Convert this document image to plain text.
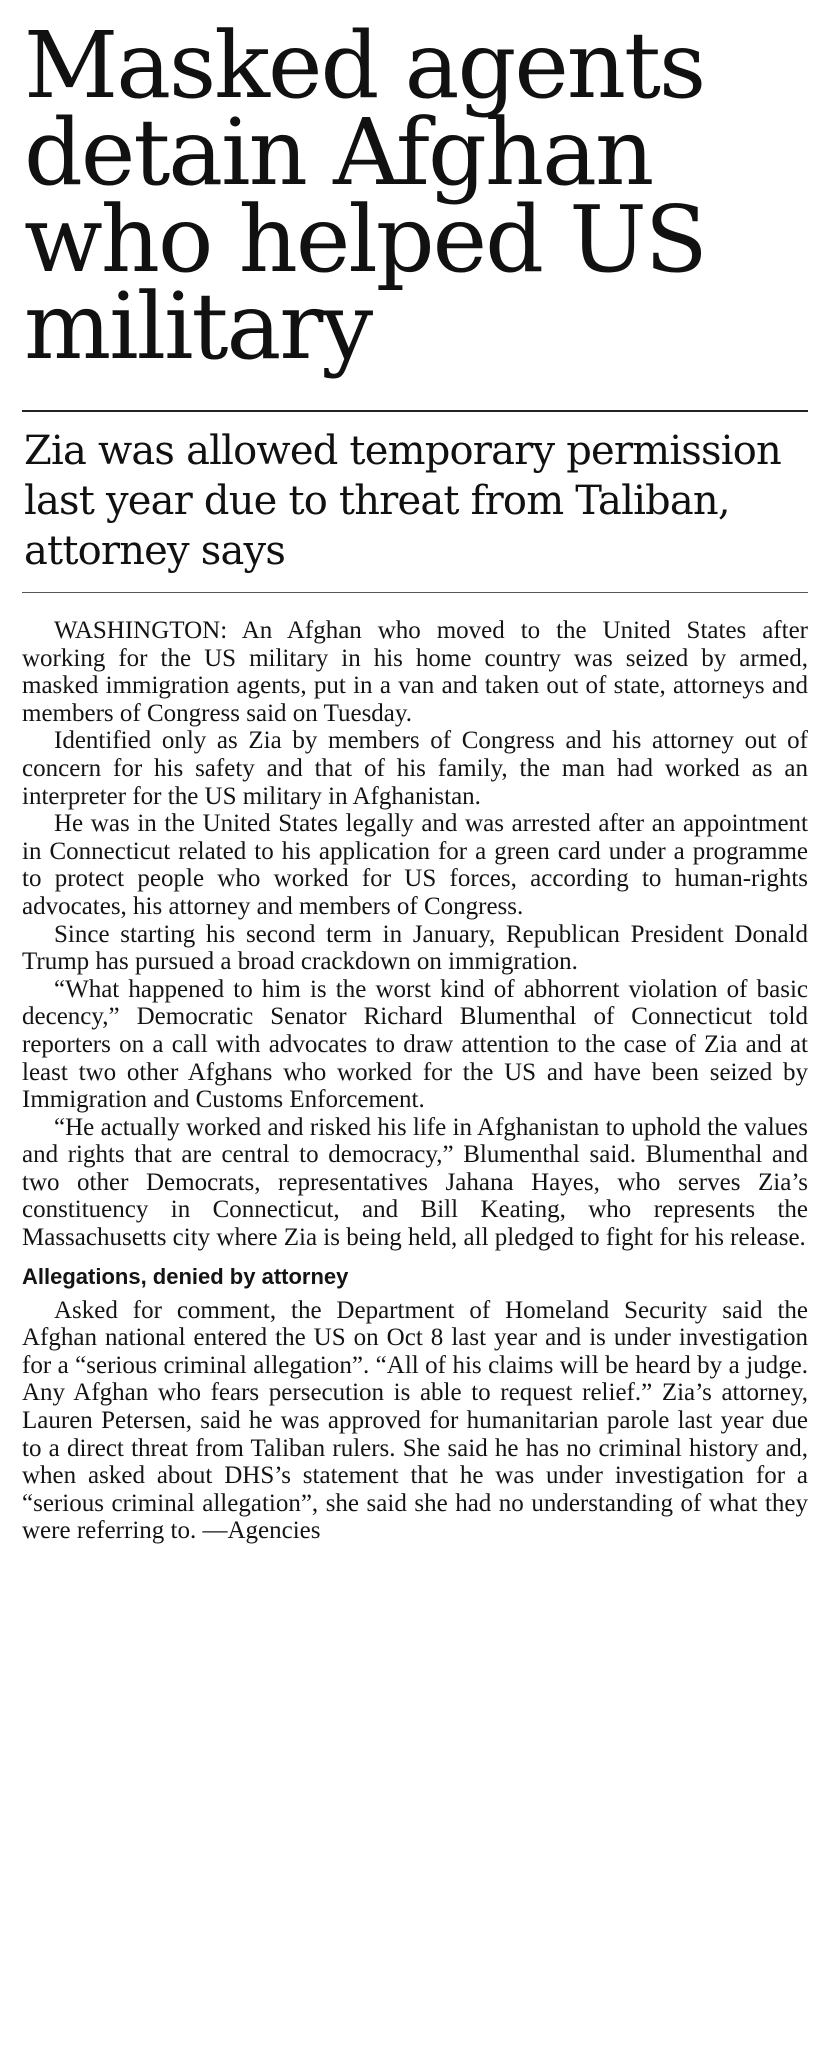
Masked agents detain Afghan who helped US military
Zia was allowed temporary permission last year due to threat from Taliban, attorney says

WASHINGTON: An Afghan who moved to the United States after working for the US military in his home country was seized by armed, masked immigration agents, put in a van and taken out of state, attorneys and members of Congress said on Tuesday.

Identified only as Zia by members of Congress and his attorney out of concern for his safety and that of his family, the man had worked as an interpreter for the US military in Afghanistan.

He was in the United States legally and was arrested after an appointment in Connecticut related to his application for a green card under a programme to protect people who worked for US forces, according to human-rights advocates, his attorney and members of Congress.

Since starting his second term in January, Republican President Donald Trump has pursued a broad crackdown on immigration.

“What happened to him is the worst kind of abhorrent violation of basic decency,” Democratic Senator Richard Blumenthal of Connecticut told reporters on a call with advocates to draw attention to the case of Zia and at least two other Afghans who worked for the US and have been seized by Immigration and Customs Enforcement.

“He actually worked and risked his life in Afghanistan to uphold the values and rights that are central to democracy,” Blumenthal said. Blumenthal and two other Democrats, representatives Jahana Hayes, who serves Zia’s constituency in Connecticut, and Bill Keating, who represents the Massachusetts city where Zia is being held, all pledged to fight for his release.

Allegations, denied by attorney

Asked for comment, the Department of Homeland Security said the Afghan national entered the US on Oct 8 last year and is under investigation for a “serious criminal allegation”. “All of his claims will be heard by a judge. Any Afghan who fears persecution is able to request relief.” Zia’s attorney, Lauren Petersen, said he was approved for humanitarian parole last year due to a direct threat from Taliban rulers. She said he has no criminal history and, when asked about DHS’s statement that he was under investigation for a “serious criminal allegation”, she said she had no understanding of what they were referring to. —Agencies
